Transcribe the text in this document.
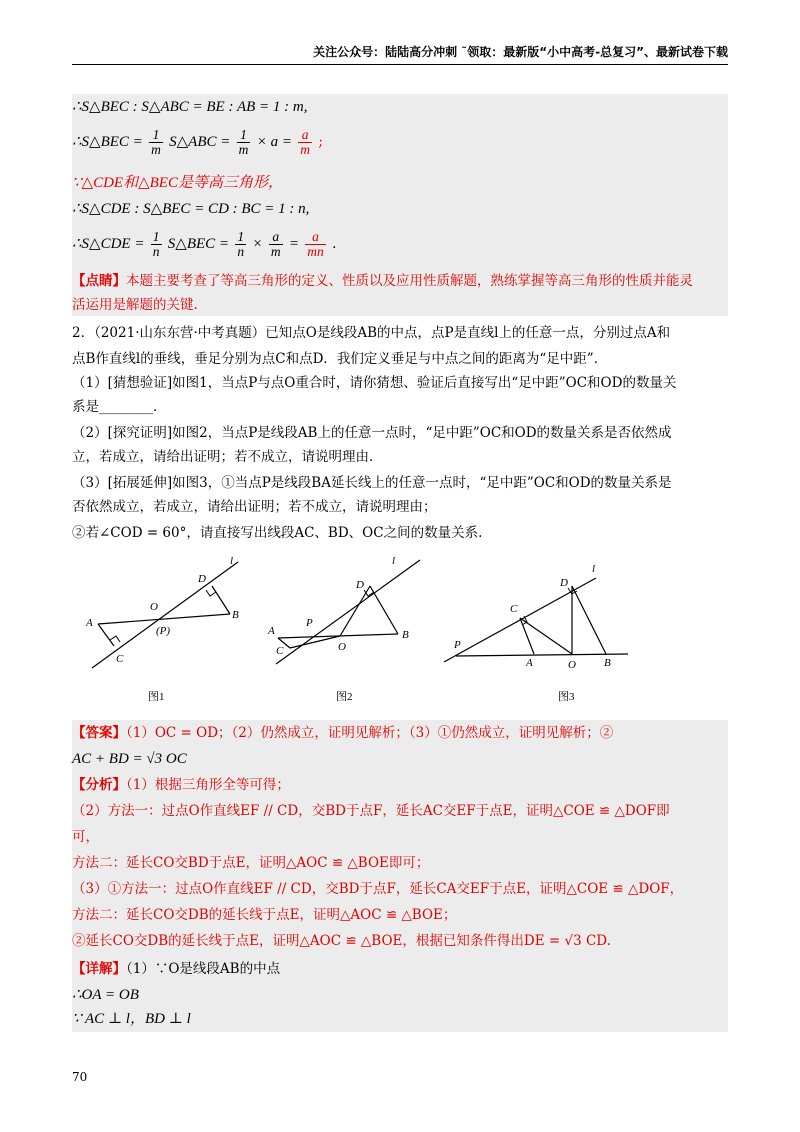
关注公众号：陆陆高分冲刺 ˜领取：最新版“小中高考-总复习”、最新试卷下载
∴S△BEC : S△ABC = BE : AB = 1 : m,
∴S△BEC = $\frac{1}{m}$ S△ABC = $\frac{1}{m} \times a = \frac{a}{m}$ ;
∵△CDE和△BEC是等高三角形，
∴S△CDE : S△BEC = CD : BC = 1 : n,
∴S△CDE = $\frac{1}{n}$ S△BEC = $\frac{1}{n} \times \frac{a}{m} = \frac{a}{mn}$ .
【点睛】本题主要考查了等高三角形的定义、性质以及应用性质解题，熟练掌握等高三角形的性质并能灵
活运用是解题的关键.
2．（2021·山东东营·中考真题）已知点O是线段AB的中点，点P是直线l上的任意一点，分别过点A和
点B作直线l的垂线，垂足分别为点C和点D．我们定义垂足与中点之间的距离为“足中距”．
（1）[猜想验证]如图1，当点P与点O重合时，请你猜想、验证后直接写出“足中距”OC和OD的数量关
系是________．
（2）[探究证明]如图2，当点P是线段AB上的任意一点时，“足中距”OC和OD的数量关系是否依然成
立，若成立，请给出证明；若不成立，请说明理由．
（3）[拓展延伸]如图3，①当点P是线段BA延长线上的任意一点时，“足中距”OC和OD的数量关系是
否依然成立，若成立，请给出证明；若不成立，请说明理由；
②若∠COD = 60°，请直接写出线段AC、BD、OC之间的数量关系.
A
B
C
D
O
(P)
l
A	B
C
D
O
P
l
A	B
C
D
O
P
l
图1	图2	图3
【答案】（1）OC = OD；（2）仍然成立，证明见解析；（3）①仍然成立，证明见解析；②
AC + BD = √3 OC
【分析】（1）根据三角形全等可得；
（2）方法一：过点O作直线EF // CD，交BD于点F，延长AC交EF于点E，证明△COE ≌ △DOF即
可，
方法二：延长CO交BD于点E，证明△AOC ≌ △BOE即可；
（3）①方法一：过点O作直线EF // CD，交BD于点F，延长CA交EF于点E，证明△COE ≌ △DOF，
方法二：延长CO交DB的延长线于点E，证明△AOC ≌ △BOE；
②延长CO交DB的延长线于点E，证明△AOC ≌ △BOE，根据已知条件得出DE = √3 CD.
【详解】（1）∵O是线段AB的中点
∴OA = OB
∵ AC ⊥ l，BD ⊥ l
70
